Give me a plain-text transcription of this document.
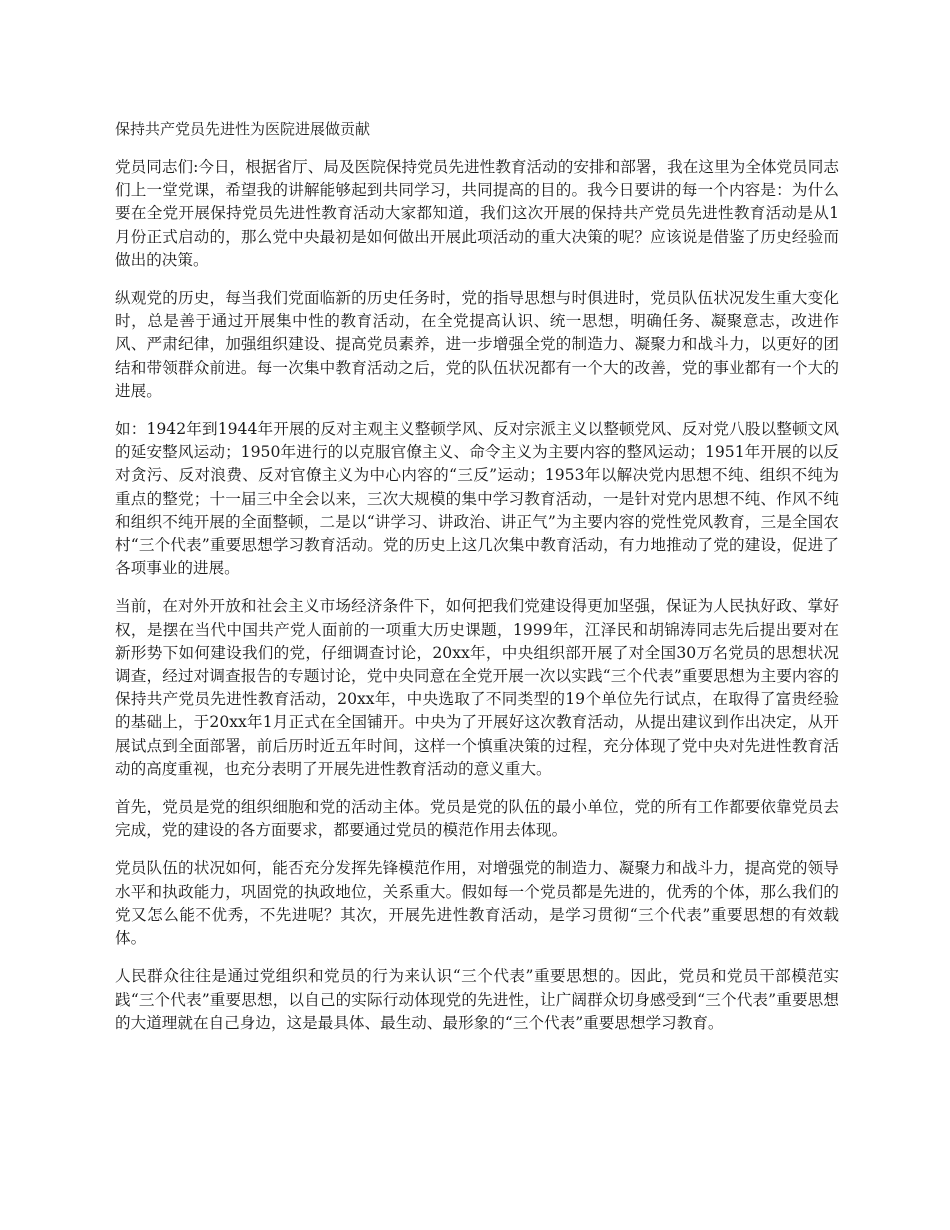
保持共产党员先进性为医院进展做贡献

党员同志们:今日，根据省厅、局及医院保持党员先进性教育活动的安排和部署，我在这里为全体党员同志们上一堂党课，希望我的讲解能够起到共同学习，共同提高的目的。我今日要讲的每一个内容是：为什么要在全党开展保持党员先进性教育活动大家都知道，我们这次开展的保持共产党员先进性教育活动是从1月份正式启动的，那么党中央最初是如何做出开展此项活动的重大决策的呢？应该说是借鉴了历史经验而做出的决策。

纵观党的历史，每当我们党面临新的历史任务时，党的指导思想与时俱进时，党员队伍状况发生重大变化时，总是善于通过开展集中性的教育活动，在全党提高认识、统一思想，明确任务、凝聚意志，改进作风、严肃纪律，加强组织建设、提高党员素养，进一步增强全党的制造力、凝聚力和战斗力，以更好的团结和带领群众前进。每一次集中教育活动之后，党的队伍状况都有一个大的改善，党的事业都有一个大的进展。

如：1942年到1944年开展的反对主观主义整顿学风、反对宗派主义以整顿党风、反对党八股以整顿文风的延安整风运动；1950年进行的以克服官僚主义、命令主义为主要内容的整风运动；1951年开展的以反对贪污、反对浪费、反对官僚主义为中心内容的“三反”运动；1953年以解决党内思想不纯、组织不纯为重点的整党；十一届三中全会以来，三次大规模的集中学习教育活动，一是针对党内思想不纯、作风不纯和组织不纯开展的全面整顿，二是以“讲学习、讲政治、讲正气”为主要内容的党性党风教育，三是全国农村“三个代表”重要思想学习教育活动。党的历史上这几次集中教育活动，有力地推动了党的建设，促进了各项事业的进展。

当前，在对外开放和社会主义市场经济条件下，如何把我们党建设得更加坚强，保证为人民执好政、掌好权，是摆在当代中国共产党人面前的一项重大历史课题，1999年，江泽民和胡锦涛同志先后提出要对在新形势下如何建设我们的党，仔细调查讨论，20xx年，中央组织部开展了对全国30万名党员的思想状况调查，经过对调查报告的专题讨论，党中央同意在全党开展一次以实践“三个代表”重要思想为主要内容的保持共产党员先进性教育活动，20xx年，中央选取了不同类型的19个单位先行试点，在取得了富贵经验的基础上，于20xx年1月正式在全国铺开。中央为了开展好这次教育活动，从提出建议到作出决定，从开展试点到全面部署，前后历时近五年时间，这样一个慎重决策的过程，充分体现了党中央对先进性教育活动的高度重视，也充分表明了开展先进性教育活动的意义重大。

首先，党员是党的组织细胞和党的活动主体。党员是党的队伍的最小单位，党的所有工作都要依靠党员去完成，党的建设的各方面要求，都要通过党员的模范作用去体现。

党员队伍的状况如何，能否充分发挥先锋模范作用，对增强党的制造力、凝聚力和战斗力，提高党的领导水平和执政能力，巩固党的执政地位，关系重大。假如每一个党员都是先进的，优秀的个体，那么我们的党又怎么能不优秀，不先进呢？其次，开展先进性教育活动，是学习贯彻“三个代表”重要思想的有效载体。

人民群众往往是通过党组织和党员的行为来认识“三个代表”重要思想的。因此，党员和党员干部模范实践“三个代表”重要思想，以自己的实际行动体现党的先进性，让广阔群众切身感受到“三个代表”重要思想的大道理就在自己身边，这是最具体、最生动、最形象的“三个代表”重要思想学习教育。
